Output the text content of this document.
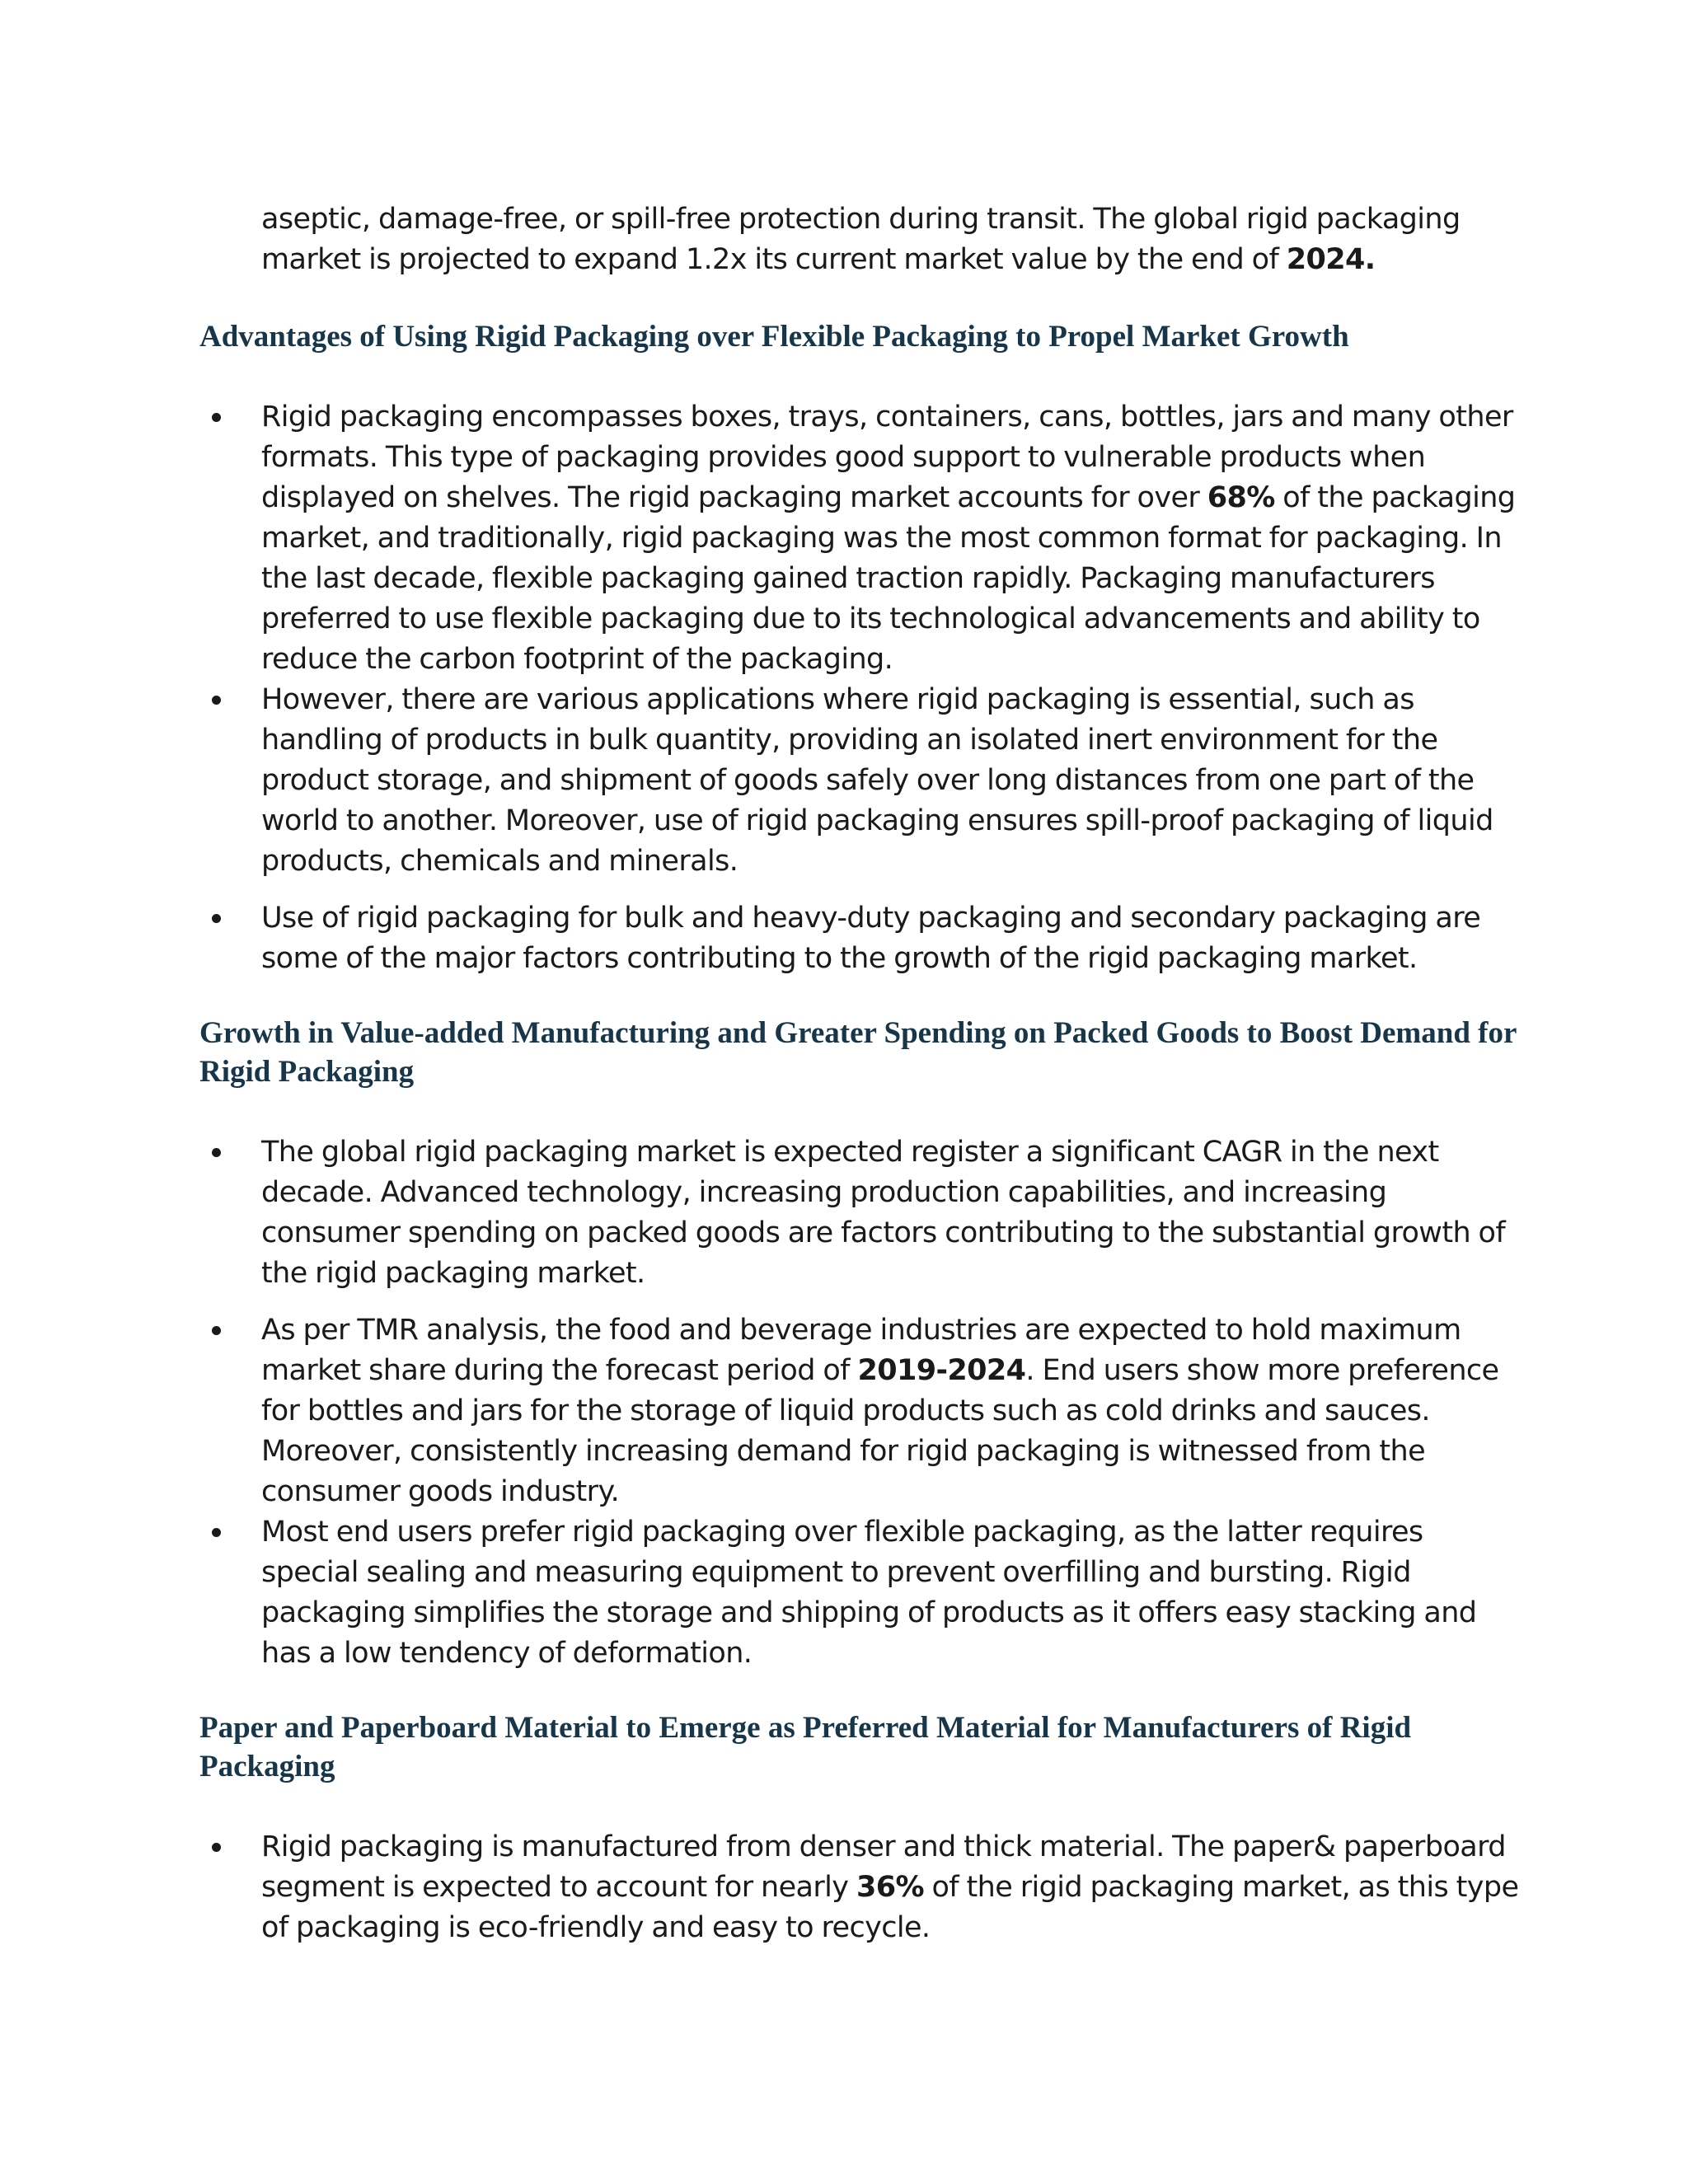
aseptic, damage-free, or spill-free protection during transit. The global rigid packaging market is projected to expand 1.2x its current market value by the end of 2024.

Advantages of Using Rigid Packaging over Flexible Packaging to Propel Market Growth
Rigid packaging encompasses boxes, trays, containers, cans, bottles, jars and many other formats. This type of packaging provides good support to vulnerable products when displayed on shelves. The rigid packaging market accounts for over 68% of the packaging market, and traditionally, rigid packaging was the most common format for packaging. In the last decade, flexible packaging gained traction rapidly. Packaging manufacturers preferred to use flexible packaging due to its technological advancements and ability to reduce the carbon footprint of the packaging.
However, there are various applications where rigid packaging is essential, such as handling of products in bulk quantity, providing an isolated inert environment for the product storage, and shipment of goods safely over long distances from one part of the world to another. Moreover, use of rigid packaging ensures spill-proof packaging of liquid products, chemicals and minerals.
Use of rigid packaging for bulk and heavy-duty packaging and secondary packaging are some of the major factors contributing to the growth of the rigid packaging market.
Growth in Value-added Manufacturing and Greater Spending on Packed Goods to Boost Demand for Rigid Packaging
The global rigid packaging market is expected register a significant CAGR in the next decade. Advanced technology, increasing production capabilities, and increasing consumer spending on packed goods are factors contributing to the substantial growth of the rigid packaging market.
As per TMR analysis, the food and beverage industries are expected to hold maximum market share during the forecast period of 2019-2024. End users show more preference for bottles and jars for the storage of liquid products such as cold drinks and sauces. Moreover, consistently increasing demand for rigid packaging is witnessed from the consumer goods industry.
Most end users prefer rigid packaging over flexible packaging, as the latter requires special sealing and measuring equipment to prevent overfilling and bursting. Rigid packaging simplifies the storage and shipping of products as it offers easy stacking and has a low tendency of deformation.
Paper and Paperboard Material to Emerge as Preferred Material for Manufacturers of Rigid Packaging
Rigid packaging is manufactured from denser and thick material. The paper& paperboard segment is expected to account for nearly 36% of the rigid packaging market, as this type of packaging is eco-friendly and easy to recycle.
